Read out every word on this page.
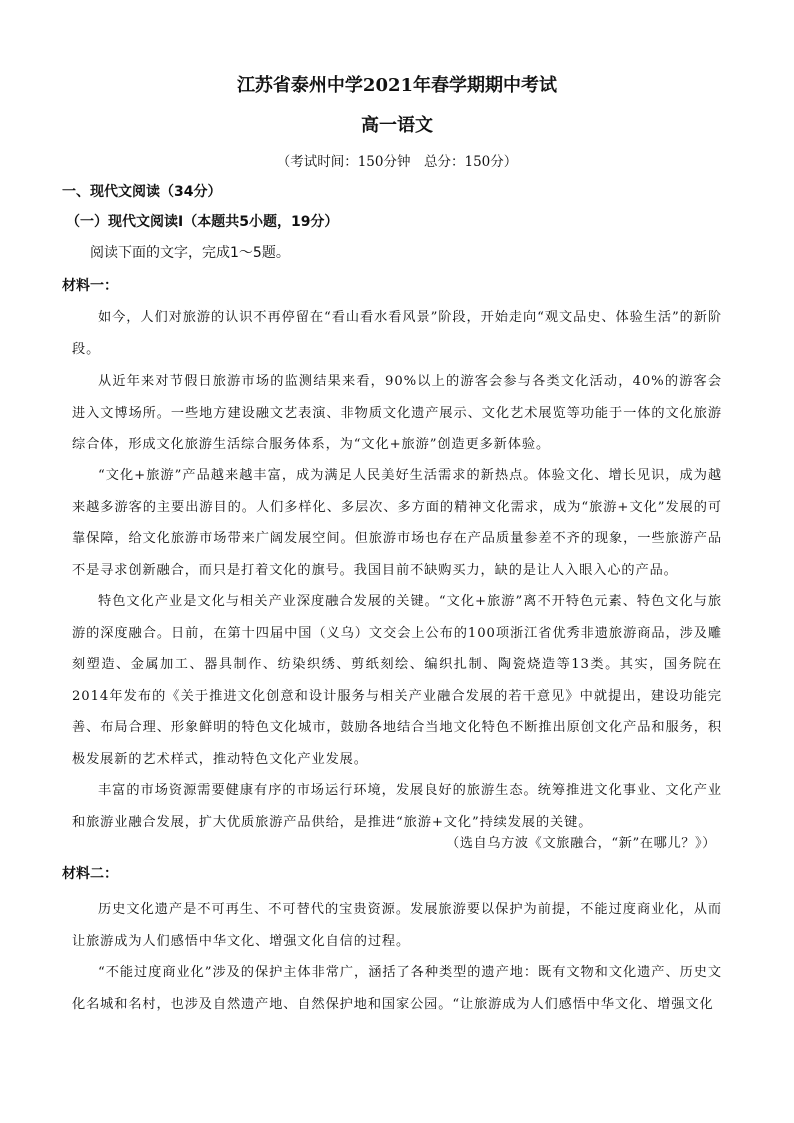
江苏省泰州中学2021年春学期期中考试
高一语文
（考试时间：150分钟　总分：150分）
一、现代文阅读（34分）
（一）现代文阅读Ⅰ（本题共5小题，19分）
阅读下面的文字，完成1～5题。
材料一：
如今，人们对旅游的认识不再停留在“看山看水看风景”阶段，开始走向“观文品史、体验生活”的新阶段。
从近年来对节假日旅游市场的监测结果来看，90%以上的游客会参与各类文化活动，40%的游客会进入文博场所。一些地方建设融文艺表演、非物质文化遗产展示、文化艺术展览等功能于一体的文化旅游综合体，形成文化旅游生活综合服务体系，为“文化+旅游”创造更多新体验。
“文化+旅游”产品越来越丰富，成为满足人民美好生活需求的新热点。体验文化、增长见识，成为越来越多游客的主要出游目的。人们多样化、多层次、多方面的精神文化需求，成为“旅游+文化”发展的可靠保障，给文化旅游市场带来广阔发展空间。但旅游市场也存在产品质量参差不齐的现象，一些旅游产品不是寻求创新融合，而只是打着文化的旗号。我国目前不缺购买力，缺的是让人入眼入心的产品。
特色文化产业是文化与相关产业深度融合发展的关键。“文化+旅游”离不开特色元素、特色文化与旅游的深度融合。日前，在第十四届中国（义乌）文交会上公布的100项浙江省优秀非遗旅游商品，涉及雕刻塑造、金属加工、器具制作、纺染织绣、剪纸刻绘、编织扎制、陶瓷烧造等13类。其实，国务院在2014年发布的《关于推进文化创意和设计服务与相关产业融合发展的若干意见》中就提出，建设功能完善、布局合理、形象鲜明的特色文化城市，鼓励各地结合当地文化特色不断推出原创文化产品和服务，积极发展新的艺术样式，推动特色文化产业发展。
丰富的市场资源需要健康有序的市场运行环境，发展良好的旅游生态。统筹推进文化事业、文化产业和旅游业融合发展，扩大优质旅游产品供给，是推进“旅游+文化”持续发展的关键。
（选自乌方波《文旅融合，“新”在哪儿？》）
材料二：
历史文化遗产是不可再生、不可替代的宝贵资源。发展旅游要以保护为前提，不能过度商业化，从而让旅游成为人们感悟中华文化、增强文化自信的过程。
“不能过度商业化”涉及的保护主体非常广，涵括了各种类型的遗产地：既有文物和文化遗产、历史文化名城和名村，也涉及自然遗产地、自然保护地和国家公园。“让旅游成为人们感悟中华文化、增强文化
